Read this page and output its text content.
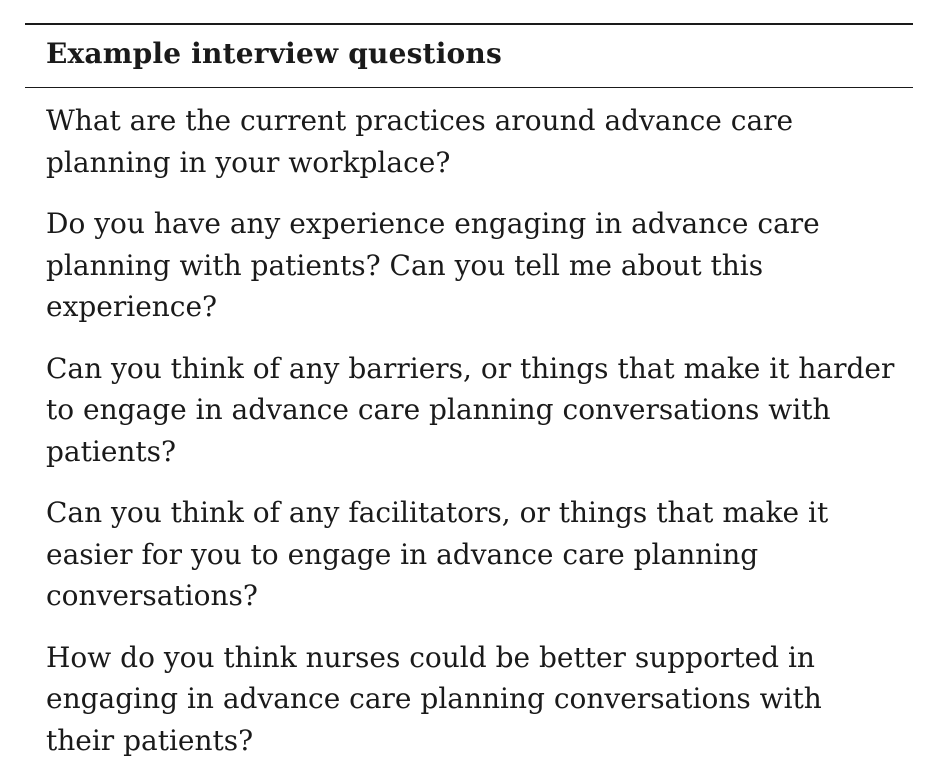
Example interview questions
What are the current practices around advance care planning in your workplace?
Do you have any experience engaging in advance care planning with patients? Can you tell me about this experience?
Can you think of any barriers, or things that make it harder to engage in advance care planning conversations with patients?
Can you think of any facilitators, or things that make it easier for you to engage in advance care planning conversations?
How do you think nurses could be better supported in engaging in advance care planning conversations with their patients?
